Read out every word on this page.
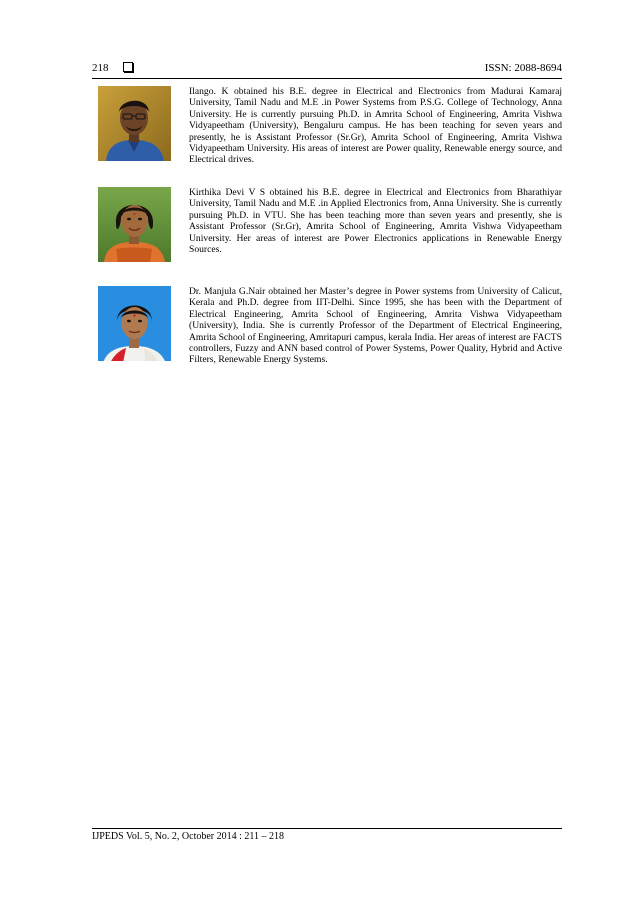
218	ISSN: 2088-8694

Ilango. K obtained his B.E. degree in Electrical and Electronics from Madurai Kamaraj University, Tamil Nadu and M.E .in Power Systems from P.S.G. College of Technology, Anna University. He is currently pursuing Ph.D. in Amrita School of Engineering, Amrita Vishwa Vidyapeetham (University), Bengaluru campus. He has been teaching for seven years and presently, he is Assistant Professor (Sr.Gr), Amrita School of Engineering, Amrita Vishwa Vidyapeetham University. His areas of interest are Power quality, Renewable energy source, and Electrical drives.

Kirthika Devi V S obtained his B.E. degree in Electrical and Electronics from Bharathiyar University, Tamil Nadu and M.E .in Applied Electronics from, Anna University. She is currently pursuing Ph.D. in VTU. She has been teaching more than seven years and presently, she is Assistant Professor (Sr.Gr), Amrita School of Engineering, Amrita Vishwa Vidyapeetham University. Her areas of interest are Power Electronics applications in Renewable Energy Sources.

Dr. Manjula G.Nair obtained her Master’s degree in Power systems from University of Calicut, Kerala and Ph.D. degree from IIT-Delhi. Since 1995, she has been with the Department of Electrical Engineering, Amrita School of Engineering, Amrita Vishwa Vidyapeetham (University), India. She is currently Professor of the Department of Electrical Engineering, Amrita School of Engineering, Amritapuri campus, kerala India. Her areas of interest are FACTS controllers, Fuzzy and ANN based control of Power Systems, Power Quality, Hybrid and Active Filters, Renewable Energy Systems.

IJPEDS Vol. 5, No. 2, October 2014 : 211 – 218
